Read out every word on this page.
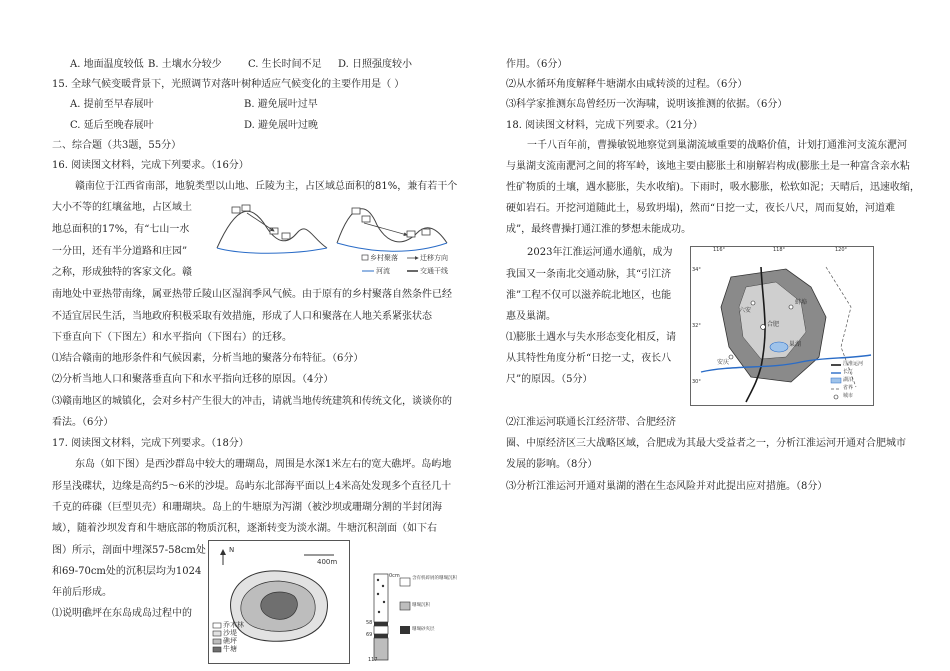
A. 地面温度较低 B. 土壤水分较少	C. 生长时间不足 D. 日照强度较小
15. 全球气候变暖背景下，光照调节对落叶树种适应气候变化的主要作用是（ ）
A. 提前至早春展叶	B. 避免展叶过早
C. 延后至晚春展叶	D. 避免展叶过晚
二、综合题（共3题，55分）
16. 阅读图文材料，完成下列要求。（16分）
赣南位于江西省南部，地貌类型以山地、丘陵为主，占区域总面积的81%，兼有若干个
大小不等的红壤盆地，占区域土
地总面积的17%，有“七山一水
一分田，还有半分道路和庄园”
之称，形成独特的客家文化。赣
乡村聚落	迁移方向
河流	交通干线
南地处中亚热带南缘，属亚热带丘陵山区湿润季风气候。由于原有的乡村聚落自然条件已经
不适宜居民生活，当地政府积极采取有效措施，形成了人口和聚落在人地关系紧张状态
下垂直向下（下图左）和水平指向（下图右）的迁移。
⑴结合赣南的地形条件和气候因素，分析当地的聚落分布特征。（6分）
⑵分析当地人口和聚落垂直向下和水平指向迁移的原因。（4分）
⑶赣南地区的城镇化，会对乡村产生很大的冲击，请就当地传统建筑和传统文化，谈谈你的
看法。（6分）
17. 阅读图文材料，完成下列要求。（18分）
东岛（如下图）是西沙群岛中较大的珊瑚岛，周围是水深1米左右的宽大礁坪。岛屿地
形呈浅碟状，边缘是高约5～6米的沙堤。岛屿东北部海平面以上4米高处发现多个直径几十
千克的砗磲（巨型贝壳）和珊瑚块。岛上的牛塘原为泻湖（被沙坝或珊瑚分割的半封闭海
域），随着沙坝发育和牛塘底部的物质沉积，逐渐转变为淡水湖。牛塘沉积剖面（如下右
图）所示，剖面中埋深57-58cm处
和69-70cm处的沉积层均为1024
年前后形成。
⑴说明礁坪在东岛成岛过程中的
N
400m
乔木林
沙堤
礁坪
牛塘
0cm
58
69
117
含有机碎屑的珊瑚沉积
珊瑚沉积
珊瑚砂夹层
作用。（6分）
⑵从水循环角度解释牛塘湖水由咸转淡的过程。（6分）
⑶科学家推测东岛曾经历一次海啸，说明该推测的依据。（6分）
18. 阅读图文材料，完成下列要求。（21分）
一千八百年前，曹操敏锐地察觉到巢湖流域重要的战略价值，计划打通淮河支流东淝河
与巢湖支流南淝河之间的将军岭，该地主要由膨胀土和崩解岩构成(膨胀土是一种富含亲水粘
性矿物质的土壤，遇水膨胀，失水收缩)。下雨时，吸水膨胀，松软如泥；天晴后，迅速收缩，
硬如岩石。开挖河道随此土，易致坍塌)，然而“日挖一丈，夜长八尺，周而复始，河道难
成”，最终曹操打通江淮的梦想未能成功。
2023年江淮运河通水通航，成为
我国又一条南北交通动脉，其“引江济
淮”工程不仅可以滋养皖北地区，也能
惠及巢湖。
⑴膨胀土遇水与失水形态变化相反，请
从其特性角度分析“日挖一丈，夜长八
尺”的原因。（5分）
⑵江淮运河联通长江经济带、合肥经济
圈、中原经济区三大战略区域，合肥成为其最大受益者之一，分析江淮运河开通对合肥城市
发展的影响。（8分）
⑶分析江淮运河开通对巢湖的潜在生态风险并对此提出应对措施。（8分）
116°	118°	120°
34°
32°
30°
合肥
巢湖
安庆
蚌埠
六安
江淮运河
长江
湖泊
省界
城市
